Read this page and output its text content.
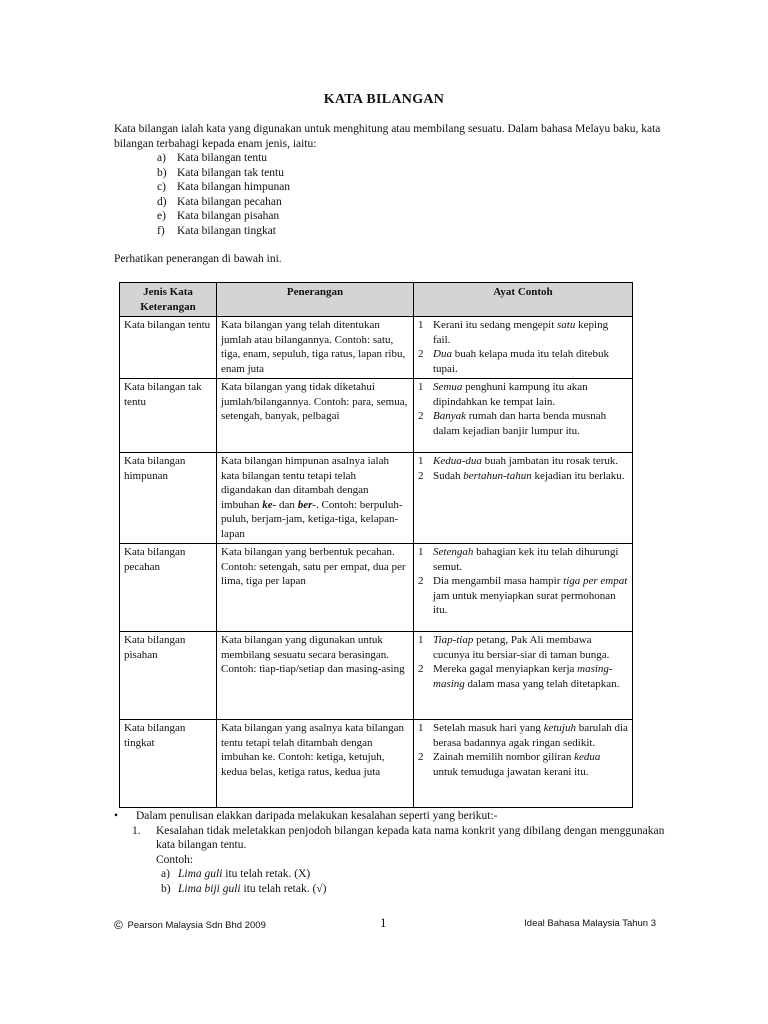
KATA BILANGAN
Kata bilangan ialah kata yang digunakan untuk menghitung atau membilang sesuatu. Dalam bahasa Melayu baku, kata bilangan terbahagi kepada enam jenis, iaitu:
a) Kata bilangan tentu
b) Kata bilangan tak tentu
c) Kata bilangan himpunan
d) Kata bilangan pecahan
e) Kata bilangan pisahan
f)	Kata bilangan tingkat
Perhatikan penerangan di bawah ini.
Jenis Kata Keterangan	Penerangan	Ayat Contoh
Kata bilangan tentu	Kata bilangan yang telah ditentukan jumlah atau bilangannya. Contoh: satu, tiga, enam, sepuluh, tiga ratus, lapan ribu, enam juta	1 Kerani itu sedang mengepit satu keping fail.
2 Dua buah kelapa muda itu telah ditebuk tupai.

Kata bilangan tak tentu	Kata bilangan yang tidak diketahui jumlah/bilangannya. Contoh: para, semua, setengah, banyak, pelbagai	1 Semua penghuni kampung itu akan dipindahkan ke tempat lain.
2 Banyak rumah dan harta benda musnah dalam kejadian banjir lumpur itu.

Kata bilangan himpunan	Kata bilangan himpunan asalnya ialah kata bilangan tentu tetapi telah digandakan dan ditambah dengan imbuhan ke- dan ber-. Contoh: berpuluh-puluh, berjam-jam, ketiga-tiga, kelapan-lapan	1 Kedua-dua buah jambatan itu rosak teruk.
2 Sudah bertahun-tahun kejadian itu berlaku.

Kata bilangan pecahan	Kata bilangan yang berbentuk pecahan. Contoh: setengah, satu per empat, dua per lima, tiga per lapan	1 Setengah bahagian kek itu telah dihurungi semut.
2 Dia mengambil masa hampir tiga per empat jam untuk menyiapkan surat permohonan itu.

Kata bilangan pisahan	Kata bilangan yang digunakan untuk membilang sesuatu secara berasingan. Contoh: tiap-tiap/setiap dan masing-asing	1 Tiap-tiap petang, Pak Ali membawa cucunya itu bersiar-siar di taman bunga.
2 Mereka gagal menyiapkan kerja masing-masing dalam masa yang telah ditetapkan.

Kata bilangan tingkat	Kata bilangan yang asalnya kata bilangan tentu tetapi telah ditambah dengan imbuhan ke. Contoh: ketiga, ketujuh, kedua belas, ketiga ratus, kedua juta	1 Setelah masuk hari yang ketujuh barulah dia berasa badannya agak ringan sedikit.
2 Zainah memilih nombor giliran kedua untuk temuduga jawatan kerani itu.
•	Dalam penulisan elakkan daripada melakukan kesalahan seperti yang berikut:-
1.	Kesalahan tidak meletakkan penjodoh bilangan kepada kata nama konkrit yang dibilang dengan menggunakan kata bilangan tentu.
Contoh:
a) Lima guli itu telah retak. (X)
b) Lima biji guli itu telah retak. (√)
© Pearson Malaysia Sdn Bhd 2009	1	Ideal Bahasa Malaysia Tahun 3
